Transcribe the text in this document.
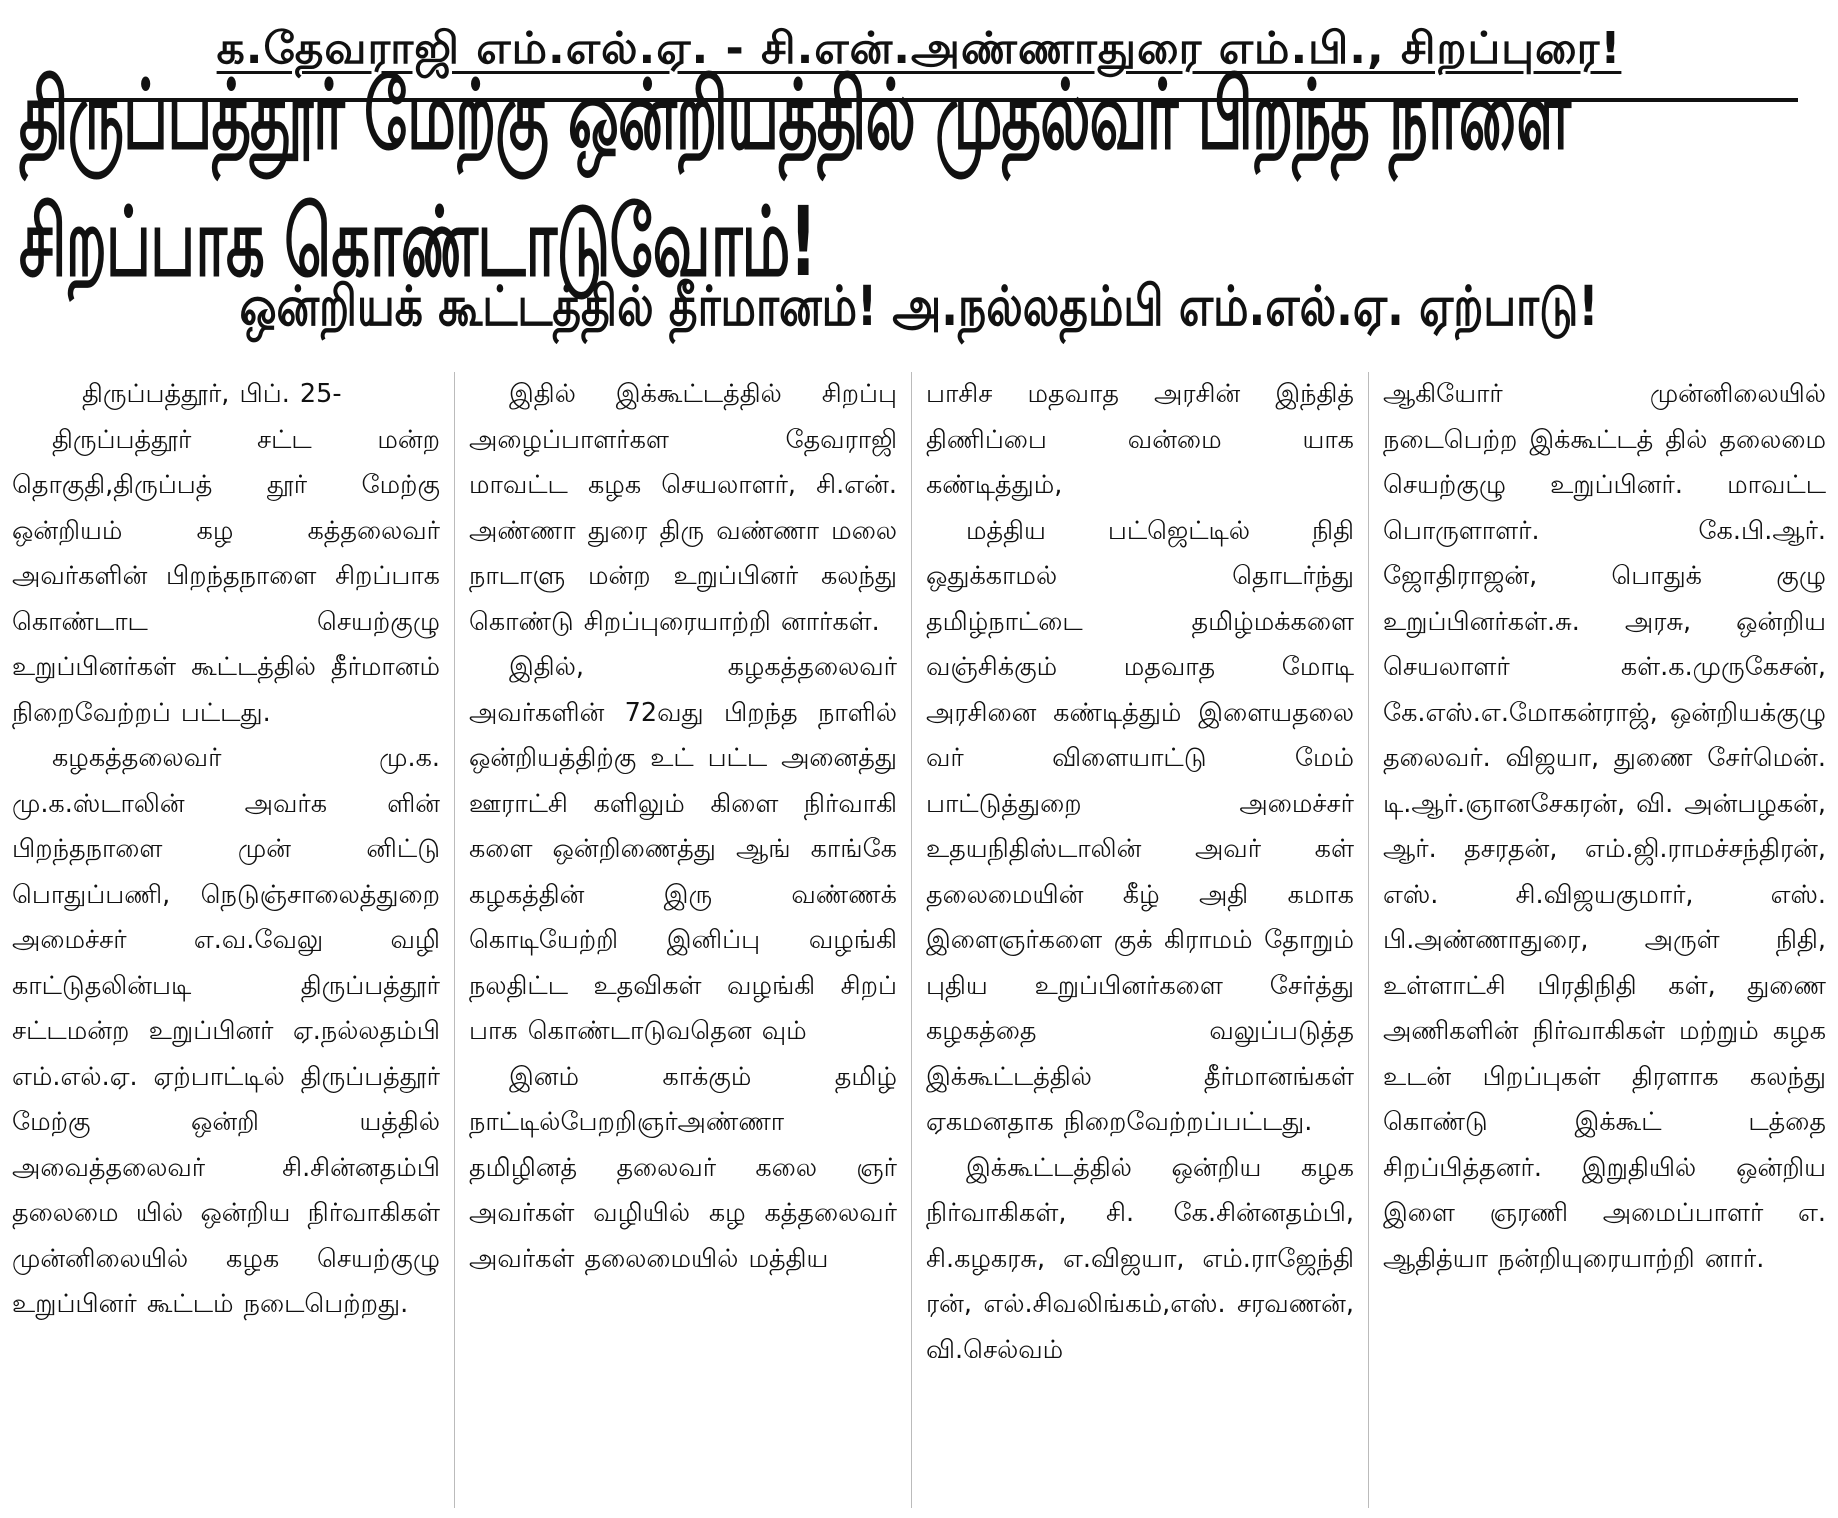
க.தேவராஜி எம்.எல்.ஏ. - சி.என்.அண்ணாதுரை எம்.பி., சிறப்புரை!
திருப்பத்தூர் மேற்கு ஒன்றியத்தில் முதல்வர் பிறந்த நாளை சிறப்பாக கொண்டாடுவோம்!
ஒன்றியக் கூட்டத்தில் தீர்மானம்! அ.நல்லதம்பி எம்.எல்.ஏ. ஏற்பாடு!

திருப்பத்தூர், பிப். 25-

திருப்பத்தூர் சட்ட மன்ற தொகுதி,திருப்பத் தூர் மேற்கு ஒன்றியம் கழ கத்தலைவர் அவர்களின் பிறந்தநாளை சிறப்பாக கொண்டாட செயற்குழு உறுப்பினர்கள் கூட்டத்தில் தீர்மானம் நிறைவேற்றப் பட்டது.

கழகத்தலைவர் மு.க. மு.க.ஸ்டாலின் அவர்க ளின் பிறந்தநாளை முன் னிட்டு பொதுப்பணி, நெடுஞ்சாலைத்துறை அமைச்சர் எ.வ.வேலு வழி காட்டுதலின்படி திருப்பத்தூர் சட்டமன்ற உறுப்பினர் ஏ.நல்லதம்பி எம்.எல்.ஏ. ஏற்பாட்டில் திருப்பத்தூர் மேற்கு ஒன்றி யத்தில் அவைத்தலைவர் சி.சின்னதம்பி தலைமை யில் ஒன்றிய நிர்வாகிகள் முன்னிலையில் கழக செயற்குழு உறுப்பினர் கூட்டம் நடைபெற்றது.

இதில் இக்கூட்டத்தில் சிறப்பு அழைப்பாளர்கள தேவராஜி மாவட்ட கழக செயலாளர், சி.என். அண்ணா துரை திரு வண்ணா மலை நாடாளு மன்ற உறுப்பினர் கலந்து கொண்டு சிறப்புரையாற்றி னார்கள்.

இதில், கழகத்தலைவர் அவர்களின் 72வது பிறந்த நாளில் ஒன்றியத்திற்கு உட் பட்ட அனைத்து ஊராட்சி களிலும் கிளை நிர்வாகி களை ஒன்றிணைத்து ஆங் காங்கே கழகத்தின் இரு வண்ணக் கொடியேற்றி இனிப்பு வழங்கி நலதிட்ட உதவிகள் வழங்கி சிறப் பாக கொண்டாடுவதென வும்

இனம் காக்கும் தமிழ் நாட்டில்பேறறிஞர்அண்ணா தமிழினத் தலைவர் கலை ஞர் அவர்கள் வழியில் கழ கத்தலைவர் அவர்கள் தலைமையில் மத்திய

பாசிச மதவாத அரசின் இந்தித் திணிப்பை வன்மை யாக கண்டித்தும்,

மத்திய பட்ஜெட்டில் நிதி ஒதுக்காமல் தொடர்ந்து தமிழ்நாட்டை தமிழ்மக்களை வஞ்சிக்கும் மதவாத மோடி அரசினை கண்டித்தும் இளையதலை வர் விளையாட்டு மேம் பாட்டுத்துறை அமைச்சர் உதயநிதிஸ்டாலின் அவர் கள் தலைமையின் கீழ் அதி கமாக இளைஞர்களை குக் கிராமம் தோறும் புதிய உறுப்பினர்களை சேர்த்து கழகத்தை வலுப்படுத்த இக்கூட்டத்தில் தீர்மானங்கள் ஏகமனதாக நிறைவேற்றப்பட்டது.

இக்கூட்டத்தில் ஒன்றிய கழக நிர்வாகிகள், சி. கே.சின்னதம்பி, சி.கழகரசு, எ.விஜயா, எம்.ராஜேந்தி ரன், எல்.சிவலிங்கம்,எஸ். சரவணன், வி.செல்வம்

ஆகியோர் முன்னிலையில் நடைபெற்ற இக்கூட்டத் தில் தலைமை செயற்குழு உறுப்பினர். மாவட்ட பொருளாளர். கே.பி.ஆர். ஜோதிராஜன், பொதுக் குழு உறுப்பினர்கள்.சு. அரசு, ஒன்றிய செயலாளர் கள்.க.முருகேசன், கே.எஸ்.எ.மோகன்ராஜ், ஒன்றியக்குழு தலைவர். விஜயா, துணை சேர்மென். டி.ஆர்.ஞானசேகரன், வி. அன்பழகன், ஆர். தசரதன், எம்.ஜி.ராமச்சந்திரன், எஸ். சி.விஜயகுமார், எஸ். பி.அண்ணாதுரை, அருள் நிதி, உள்ளாட்சி பிரதிநிதி கள், துணை அணிகளின் நிர்வாகிகள் மற்றும் கழக உடன் பிறப்புகள் திரளாக கலந்து கொண்டு இக்கூட் டத்தை சிறப்பித்தனர். இறுதியில் ஒன்றிய இளை ஞரணி அமைப்பாளர் எ. ஆதித்யா நன்றியுரையாற்றி னார்.
